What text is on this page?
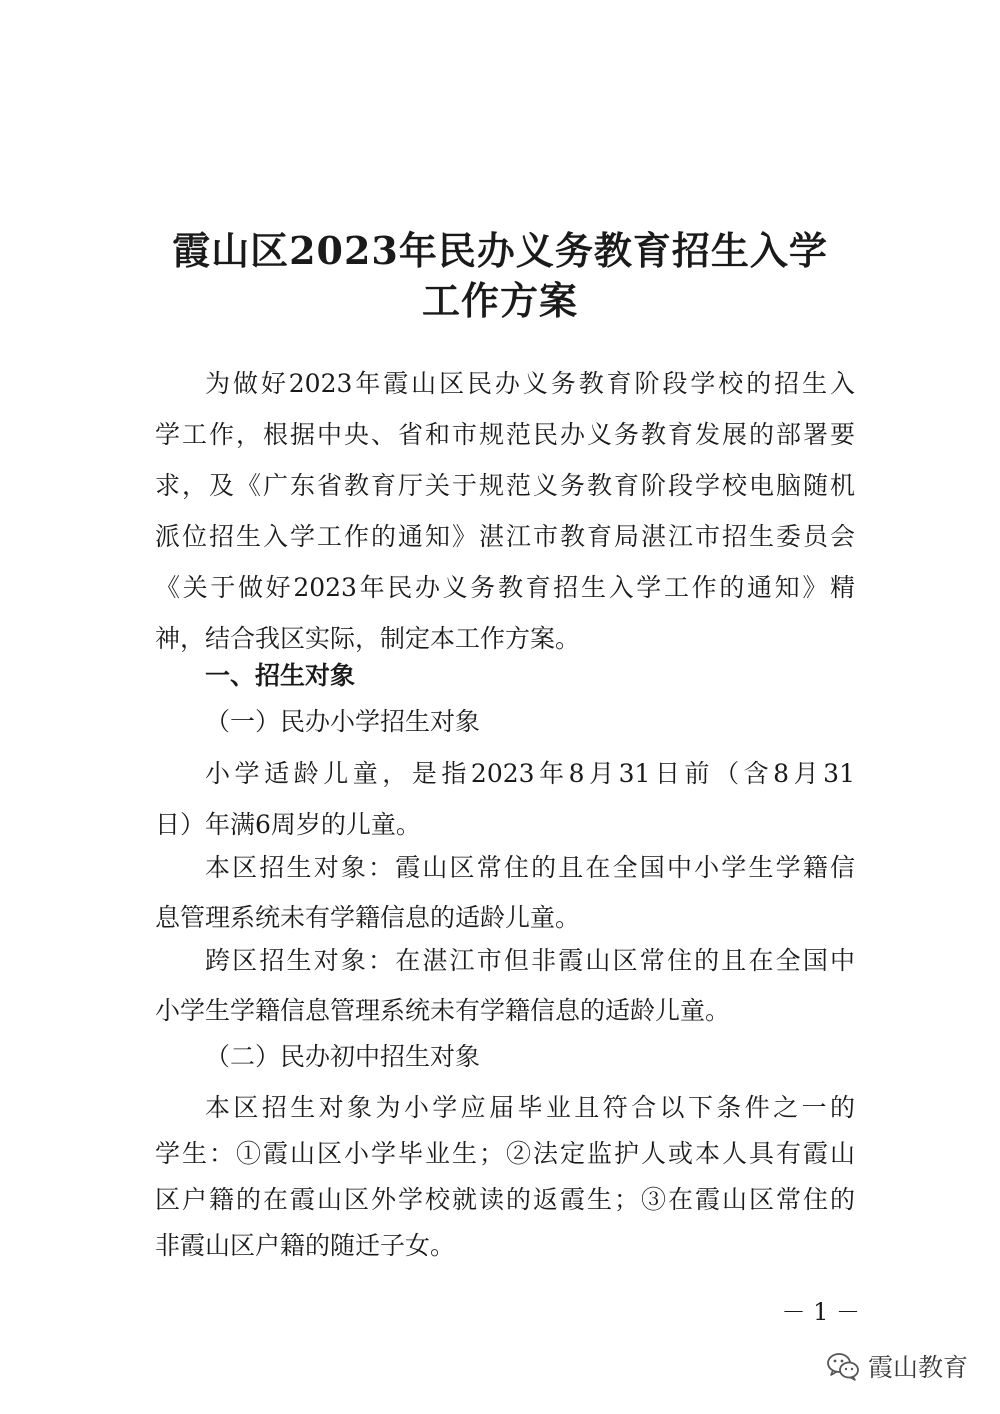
霞山区2023年民办义务教育招生入学
工作方案
为做好2023年霞山区民办义务教育阶段学校的招生入
学工作，根据中央、省和市规范民办义务教育发展的部署要
求，及《广东省教育厅关于规范义务教育阶段学校电脑随机
派位招生入学工作的通知》湛江市教育局湛江市招生委员会
《关于做好2023年民办义务教育招生入学工作的通知》精
神，结合我区实际，制定本工作方案。
一、招生对象
（一）民办小学招生对象
小学适龄儿童，是指2023年8月31日前（含8月31
日）年满6周岁的儿童。
本区招生对象：霞山区常住的且在全国中小学生学籍信
息管理系统未有学籍信息的适龄儿童。
跨区招生对象：在湛江市但非霞山区常住的且在全国中
小学生学籍信息管理系统未有学籍信息的适龄儿童。
（二）民办初中招生对象
本区招生对象为小学应届毕业且符合以下条件之一的
学生：①霞山区小学毕业生；②法定监护人或本人具有霞山
区户籍的在霞山区外学校就读的返霞生；③在霞山区常住的
非霞山区户籍的随迁子女。
－ 1 －
霞山教育
